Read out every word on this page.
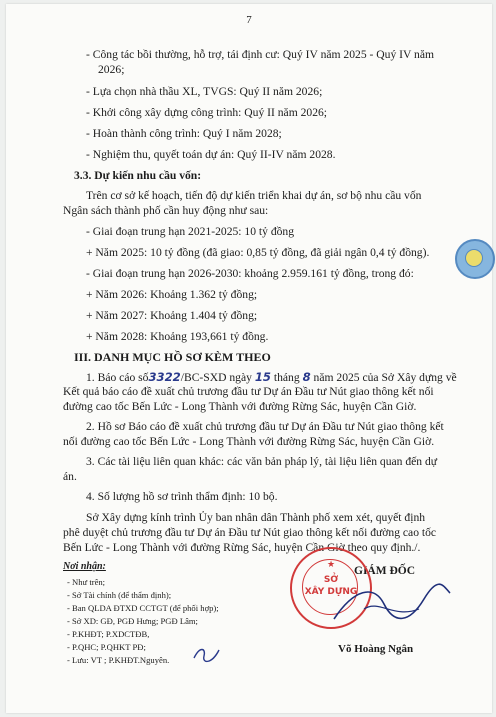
7
- Công tác bồi thường, hỗ trợ, tái định cư: Quý IV năm 2025 - Quý IV năm
2026;
- Lựa chọn nhà thầu XL, TVGS: Quý II năm 2026;
- Khởi công xây dựng công trình: Quý II năm 2026;
- Hoàn thành công trình: Quý I năm 2028;
- Nghiệm thu, quyết toán dự án: Quý II-IV năm 2028.
3.3. Dự kiến nhu cầu vốn:
Trên cơ sở kế hoạch, tiến độ dự kiến triển khai dự án, sơ bộ nhu cầu vốn
Ngân sách thành phố cần huy động như sau:
- Giai đoạn trung hạn 2021-2025: 10 tỷ đồng
+ Năm 2025: 10 tỷ đồng (đã giao: 0,85 tỷ đồng, đã giải ngân 0,4 tỷ đồng).
- Giai đoạn trung hạn 2026-2030: khoảng 2.959.161 tỷ đồng, trong đó:
+ Năm 2026: Khoảng 1.362 tỷ đồng;
+ Năm 2027: Khoảng 1.404 tỷ đồng;
+ Năm 2028: Khoảng 193,661 tỷ đồng.
III. DANH MỤC HỒ SƠ KÈM THEO
1. Báo cáo số3322/BC-SXD ngày 15 tháng 8 năm 2025 của Sở Xây dựng về
Kết quả báo cáo đề xuất chủ trương đầu tư Dự án Đầu tư Nút giao thông kết nối
đường cao tốc Bến Lức - Long Thành với đường Rừng Sác, huyện Cần Giờ.
2. Hồ sơ Báo cáo đề xuất chủ trương đầu tư Dự án Đầu tư Nút giao thông kết
nối đường cao tốc Bến Lức - Long Thành với đường Rừng Sác, huyện Cần Giờ.
3. Các tài liệu liên quan khác: các văn bản pháp lý, tài liệu liên quan đến dự
án.
4. Số lượng hồ sơ trình thẩm định: 10 bộ.
Sở Xây dựng kính trình Ủy ban nhân dân Thành phố xem xét, quyết định
phê duyệt chủ trương đầu tư Dự án Đầu tư Nút giao thông kết nối đường cao tốc
Bến Lức - Long Thành với đường Rừng Sác, huyện Cần Giờ theo quy định./.
Nơi nhận:
- Như trên;
- Sở Tài chính (để thẩm định);
- Ban QLDA ĐTXD CCTGT (để phối hợp);
- Sở XD: GĐ, PGĐ Hưng; PGĐ Lâm;
- P.KHĐT; P.XDCTĐB,
- P.QHC; P.QHKT PĐ;
- Lưu: VT ; P.KHĐT.Nguyên.
GIÁM ĐỐC
★
SỞ
XÂY DỰNG
Võ Hoàng Ngân
